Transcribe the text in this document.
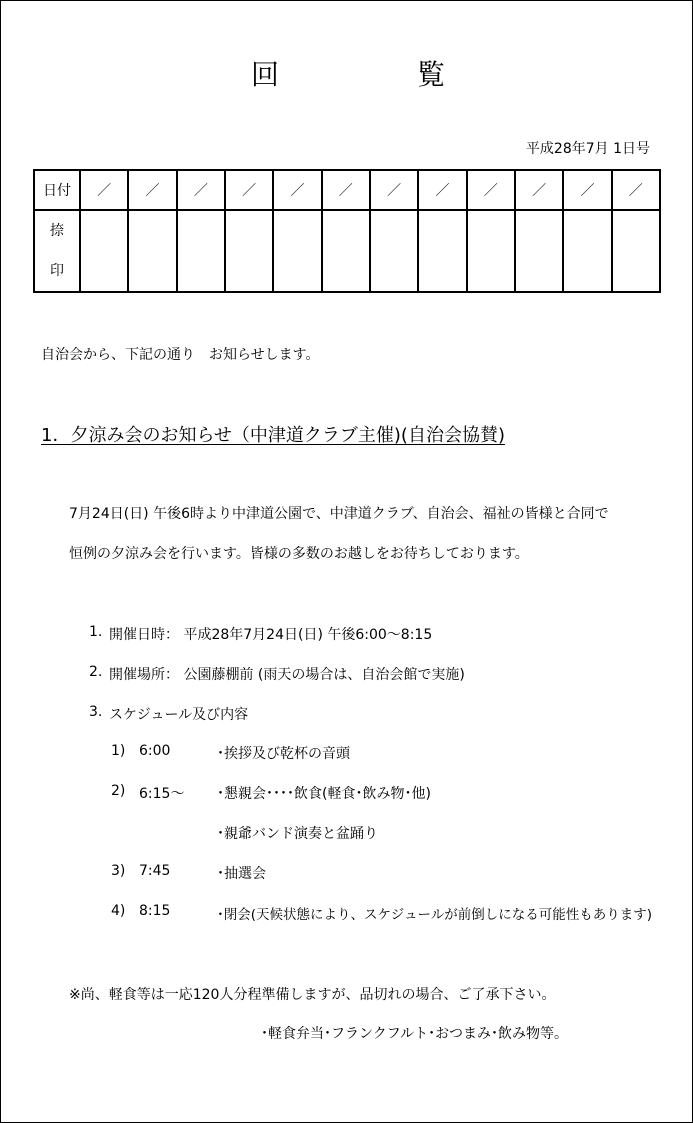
回	覧
平成28年7月 1日号
日付	／	／	／	／	／	／	／	／	／	／	／	／

捺
印												

自治会から、下記の通り　お知らせします。
1．夕涼み会のお知らせ（中津道クラブ主催)(自治会協賛)
7月24日(日) 午後6時より中津道公園で、中津道クラブ、自治会、福祉の皆様と合同で
恒例の夕涼み会を行います。皆様の多数のお越しをお待ちしております。
1. 開催日時： 平成28年7月24日(日) 午後6:00～8:15
2. 開催場所： 公園藤棚前 (雨天の場合は、自治会館で実施)
3. スケジュール及び内容
1) 6:00	･挨拶及び乾杯の音頭
2) 6:15～ ･懇親会････飲食(軽食･飲み物･他)
･親爺バンド演奏と盆踊り
3) 7:45	･抽選会
4) 8:15	･閉会(天候状態により、スケジュールが前倒しになる可能性もあります)
※尚、軽食等は一応120人分程準備しますが、品切れの場合、ご了承下さい。
･軽食弁当･フランクフルト･おつまみ･飲み物等。
